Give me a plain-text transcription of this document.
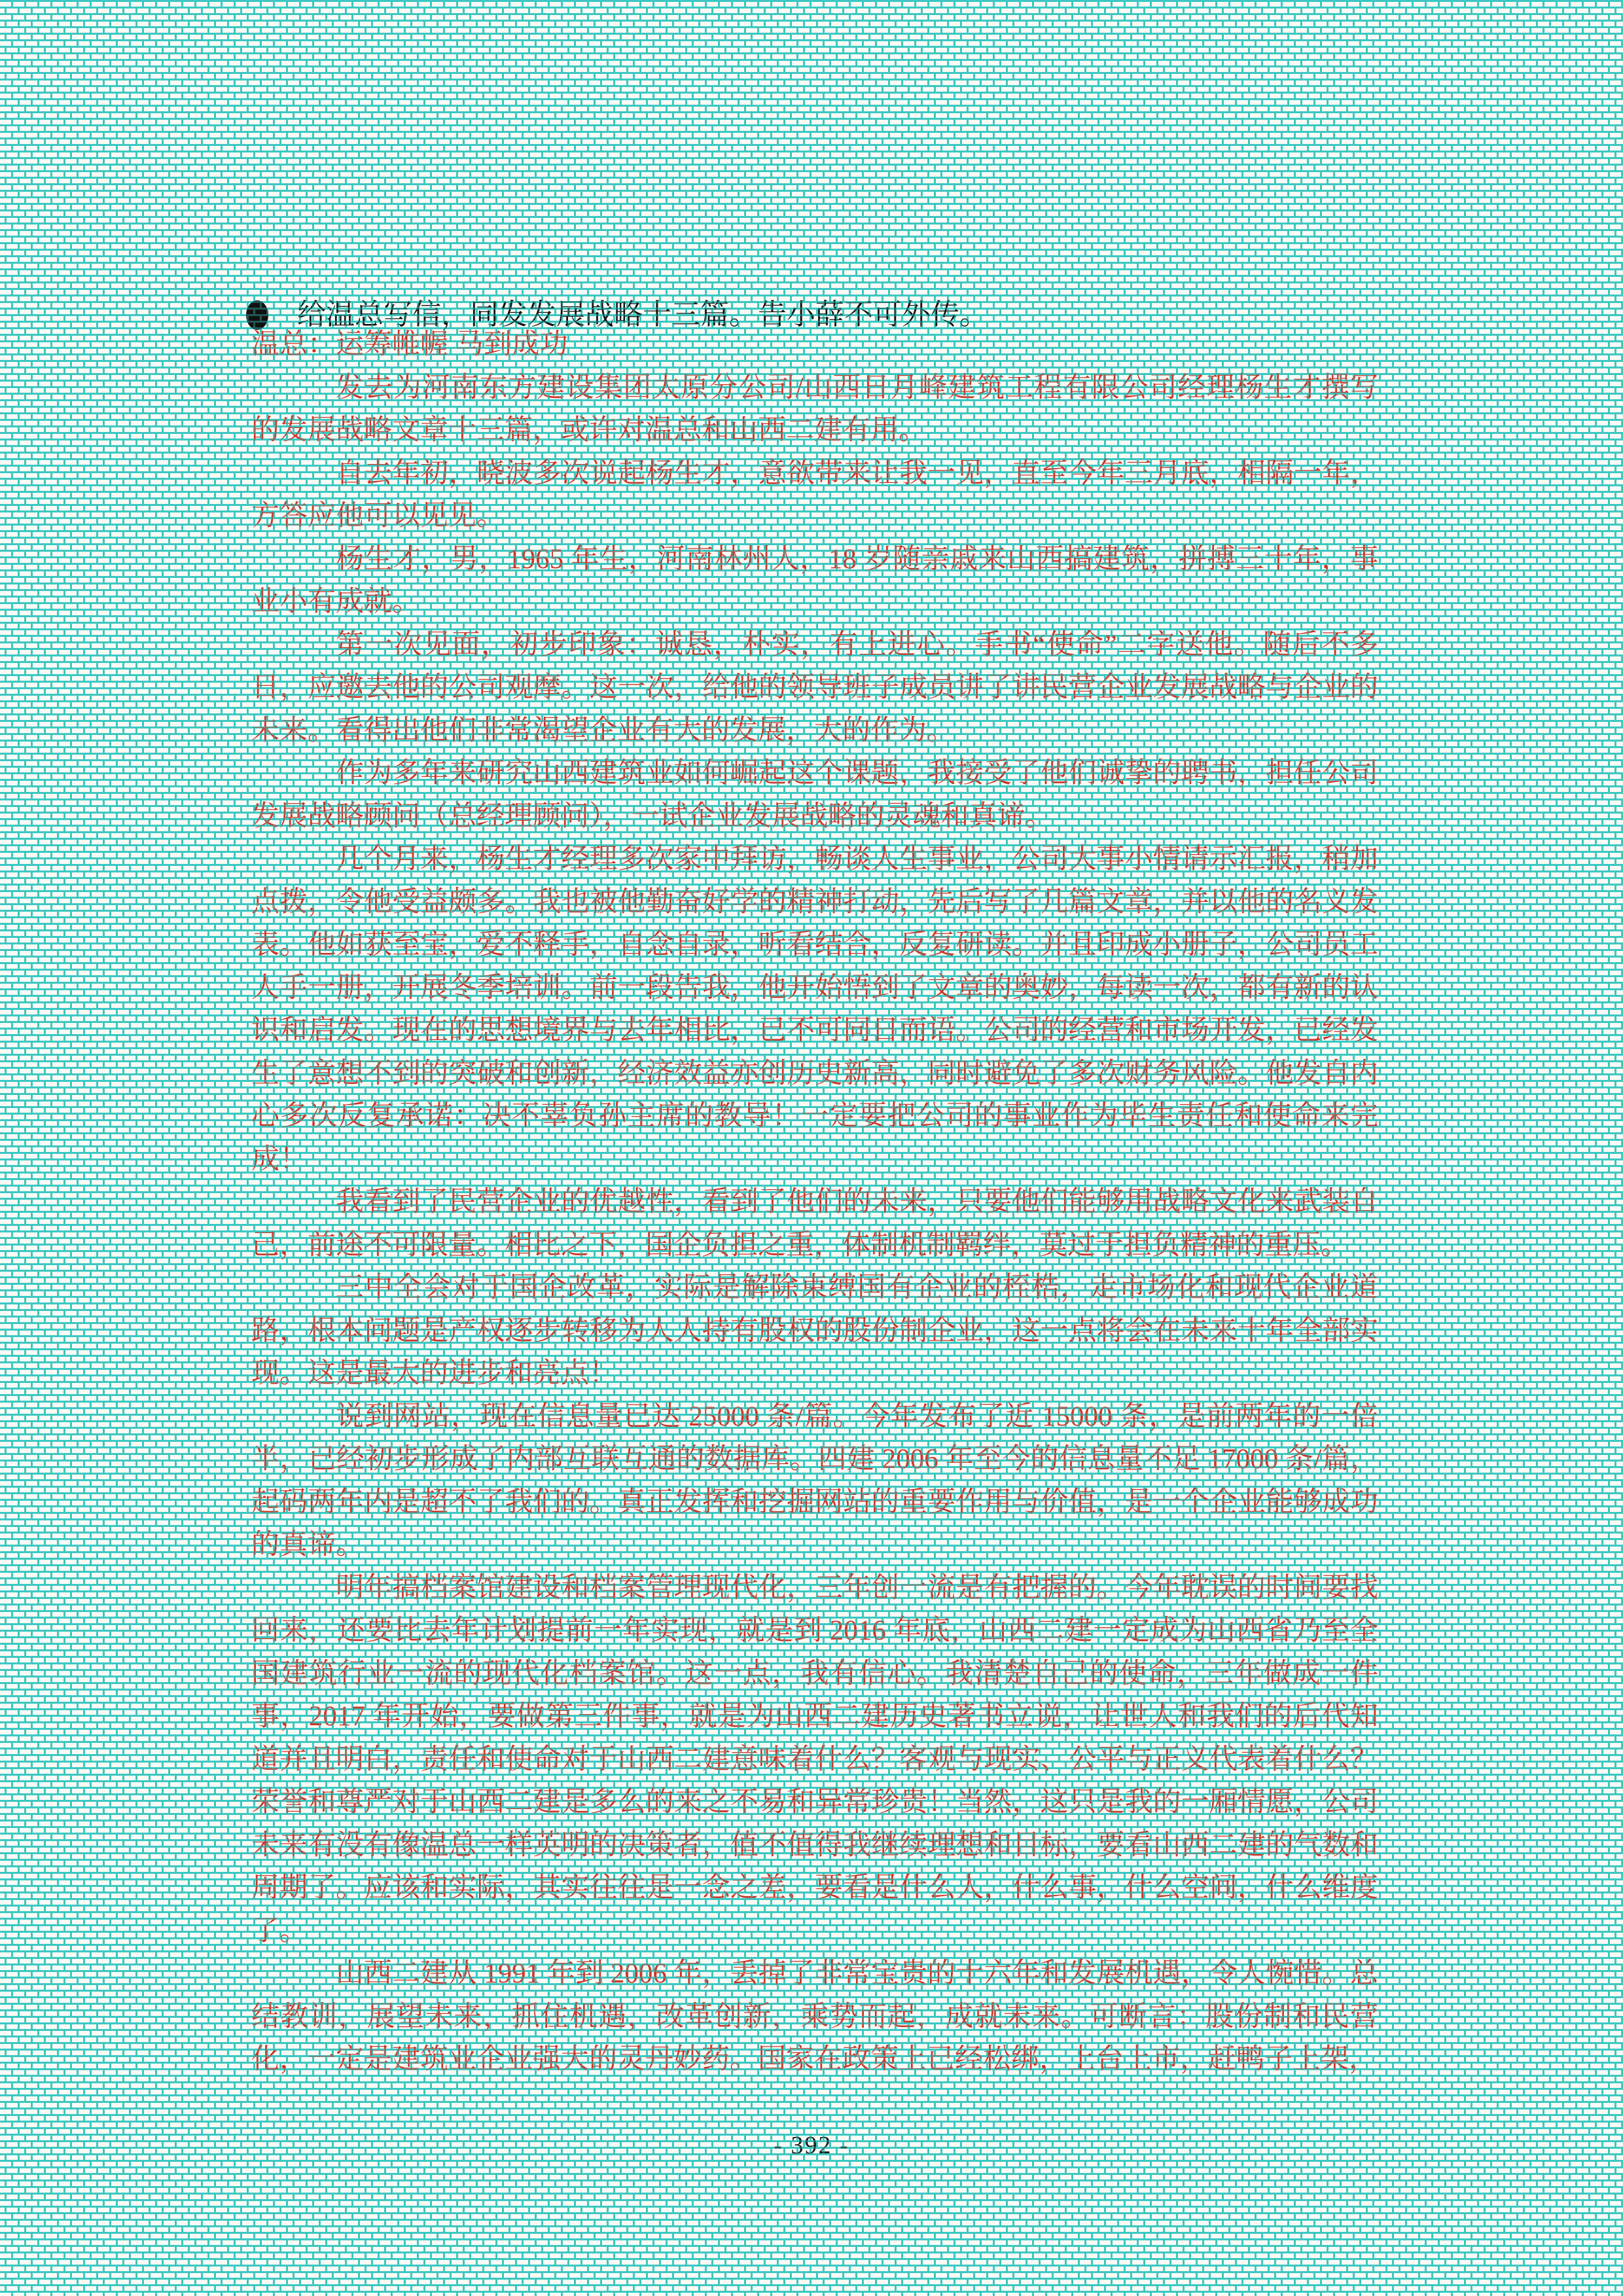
给温总写信，同发发展战略十三篇。告小薛不可外传。

温总：运筹帷幄 马到成功

发去为河南东方建设集团太原分公司/山西日月峰建筑工程有限公司经理杨生才撰写的发展战略文章十三篇，或许对温总和山西二建有用。

自去年初，晓波多次说起杨生才，意欲带来让我一见，直至今年三月底，相隔一年，方答应他可以见见。

杨生才，男，1965 年生，河南林州人，18 岁随亲戚来山西搞建筑，拼搏三十年，事业小有成就。

第一次见面，初步印象：诚恳，朴实，有上进心。手书“使命”二字送他。随后不多日，应邀去他的公司观摩。这一次，给他的领导班子成员讲了讲民营企业发展战略与企业的未来。看得出他们非常渴望企业有大的发展，大的作为。

作为多年来研究山西建筑业如何崛起这个课题，我接受了他们诚挚的聘书，担任公司发展战略顾问（总经理顾问），一试企业发展战略的灵魂和真谛。

几个月来，杨生才经理多次家中拜访，畅谈人生事业，公司大事小情请示汇报，稍加点拨，令他受益颇多。我也被他勤奋好学的精神打动，先后写了几篇文章，并以他的名义发表。他如获至宝，爱不释手，自念自录，听看结合，反复研读。并且印成小册子，公司员工人手一册，开展冬季培训。前一段告我，他开始悟到了文章的奥妙，每读一次，都有新的认识和启发。现在的思想境界与去年相比，已不可同日而语。公司的经营和市场开发，已经发生了意想不到的突破和创新，经济效益亦创历史新高，同时避免了多次财务风险。他发自内心多次反复承诺：决不辜负孙主席的教导！一定要把公司的事业作为毕生责任和使命来完成！

我看到了民营企业的优越性，看到了他们的未来，只要他们能够用战略文化来武装自己，前途不可限量。相比之下，国企负担之重，体制机制羁绊，莫过于担负精神的重压。

三中全会对于国企改革，实际是解除束缚国有企业的桎梏，走市场化和现代企业道路，根本问题是产权逐步转移为人人持有股权的股份制企业，这一点将会在未来十年全部实现。这是最大的进步和亮点！

说到网站，现在信息量已达 25000 条/篇。今年发布了近 15000 条，是前两年的一倍半，已经初步形成了内部互联互通的数据库。四建 2006 年至今的信息量不足 17000 条/篇，起码两年内是超不了我们的。真正发挥和挖掘网站的重要作用与价值，是一个企业能够成功的真谛。

明年搞档案馆建设和档案管理现代化，三年创一流是有把握的。今年耽误的时间要找回来，还要比去年计划提前一年实现，就是到 2016 年底，山西二建一定成为山西省乃至全国建筑行业一流的现代化档案馆。这一点，我有信心。我清楚自己的使命，三年做成一件事，2017 年开始，要做第三件事，就是为山西二建历史著书立说，让世人和我们的后代知道并且明白，责任和使命对于山西二建意味着什么？客观与现实、公平与正义代表着什么？荣誉和尊严对于山西二建是多么的来之不易和异常珍贵！当然，这只是我的一厢情愿，公司未来有没有像温总一样英明的决策者，值不值得我继续理想和目标，要看山西二建的气数和周期了。应该和实际，其实往往是一念之差，要看是什么人，什么事，什么空间，什么维度了。

山西二建从 1991 年到 2006 年，丢掉了非常宝贵的十六年和发展机遇，令人惋惜。总结教训，展望未来，抓住机遇，改革创新，乘势而起，成就未来。可断言：股份制和民营化，一定是建筑业企业强大的灵丹妙药。国家在政策上已经松绑，上台上市，赶鸭子上架，

- 392 -
